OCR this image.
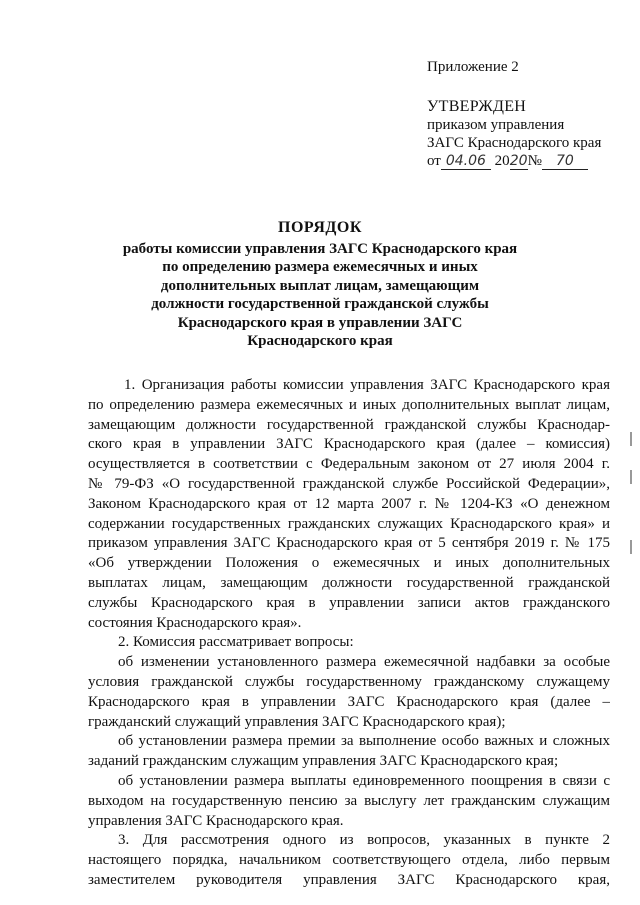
Приложение 2
УТВЕРЖДЕН
приказом управления
ЗАГС Краснодарского края
от 04.06 2020№ 70
ПОРЯДОК
работы комиссии управления ЗАГС Краснодарского края
по определению размера ежемесячных и иных
дополнительных выплат лицам, замещающим
должности государственной гражданской службы
Краснодарского края в управлении ЗАГС
Краснодарского края
1. Организация работы комиссии управления ЗАГС Краснодарского края
по определению размера ежемесячных и иных дополнительных выплат лицам,
замещающим должности государственной гражданской службы Краснодар-
ского края в управлении ЗАГС Краснодарского края (далее – комиссия)
осуществляется в соответствии с Федеральным законом от 27 июля 2004 г.
№ 79-ФЗ «О государственной гражданской службе Российской Федерации»,
Законом Краснодарского края от 12 марта 2007 г. № 1204-КЗ «О денежном
содержании государственных гражданских служащих Краснодарского края» и
приказом управления ЗАГС Краснодарского края от 5 сентября 2019 г. № 175
«Об утверждении Положения о ежемесячных и иных дополнительных
выплатах лицам, замещающим должности государственной гражданской
службы Краснодарского края в управлении записи актов гражданского
состояния Краснодарского края».
2. Комиссия рассматривает вопросы:
об изменении установленного размера ежемесячной надбавки за особые
условия гражданской службы государственному гражданскому служащему
Краснодарского края в управлении ЗАГС Краснодарского края (далее –
гражданский служащий управления ЗАГС Краснодарского края);
об установлении размера премии за выполнение особо важных и сложных
заданий гражданским служащим управления ЗАГС Краснодарского края;
об установлении размера выплаты единовременного поощрения в связи с
выходом на государственную пенсию за выслугу лет гражданским служащим
управления ЗАГС Краснодарского края.
3. Для рассмотрения одного из вопросов, указанных в пункте 2
настоящего порядка, начальником соответствующего отдела, либо первым
заместителем руководителя управления ЗАГС Краснодарского края,
